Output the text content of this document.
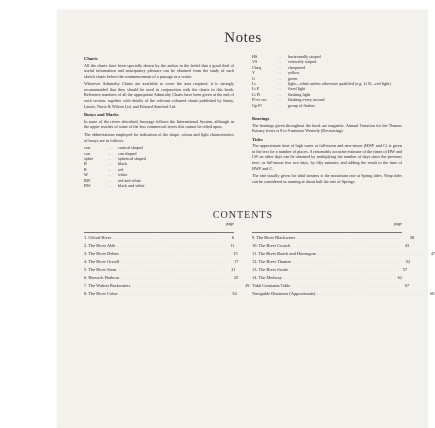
Notes
Charts
All the charts have been specially drawn by the author in the belief that a good deal of useful information and anticipatory pleasure can be obtained from the study of such sketch charts before the commencement of a passage or a cruise.
Wherever Admiralty Charts are available to cover the area required, it is strongly recommended that they should be used in conjunction with the charts in this book. Reference numbers of all the appropriate Admiralty Charts have been given at the end of each section, together with details of the relevant coloured charts published by Imray, Laurie, Norie & Wilson Ltd, and Edward Stanford Ltd.
Buoys and Marks
In none of the rivers described, buoyage follows the International System, although in the upper reaches of some of the less commercial rivers this cannot be relied upon.
The abbreviations employed for indication of the shape, colour and light characteristics of buoys are as follows:
con	. .	conical shaped
can	. .	can shaped
spher	. .	spherical shaped
B	. .	black
R	. .	red
W	. .	white
RW	. .	red and white
BW	. .	black and white
HS	. .	horizontally striped
VS	. .	vertically striped
Cheq	. .	chequered
Y	. .	yellow
G	. .	green
Lt	. .	light—white unless otherwise qualified (e.g. Lt R—red light)
Lt F	. .	fixed light
Lt Fl	. .	flashing light
Fl ev sec	. .	flashing every second
Gp Fl	. .	group of flashes
Bearings
The bearings given throughout the book are magnetic. Annual Variation for the Thames Estuary rivers is 8 to 9 minutes Westerly (Decreasing).
Tides
The approximate time of high water at full-moon and new-moon (HWF and C) is given in the text for a number of places. A reasonably accurate estimate of the times of HW and LW on other days can be obtained by multiplying the number of days since the previous new- or full-moon less two days, by fifty minutes, and adding the result to the time of HWF and C.
The rate usually given for tidal streams is the maximum rate at Spring tides. Neap tides can be considered as running at about half the rate of Springs.
CONTENTS
page
1. Orford River . . . . . . . . . . . . . . . . . . . . . . . . . .	6
2. The River Alde . . . . . . . . . . . . . . . . . . . . . . . . . .	11
3. The River Deben . . . . . . . . . . . . . . . . . . . . . . . . . .	15
4. The River Orwell . . . . . . . . . . . . . . . . . . . . . . . . . .	17
5. The River Stour . . . . . . . . . . . . . . . . . . . . . . . . . .	21
6. Harwich Harbour . . . . . . . . . . . . . . . . . . . . . . . . . .	25
7. The Walton Backwaters . . . . . . . . . . . . . . . . . . . . . . . . . .	29
8. The River Colne . . . . . . . . . . . . . . . . . . . . . . . . . .	34
page
9. The River Blackwater . . . . . . . . . . . . . . . . . . . . . . . . . .	38
10. The River Crouch . . . . . . . . . . . . . . . . . . . . . . . . . .	43
11. The River Roach and Havengore . . . . . . . . . . . . . . . . . . . . . . . . . .	47
12. The River Thames . . . . . . . . . . . . . . . . . . . . . . . . . .	52
13. The River Swale . . . . . . . . . . . . . . . . . . . . . . . . . .	57
14. The Medway . . . . . . . . . . . . . . . . . . . . . . . . . .	62
Tidal Constants Table . . . . . . . . . . . . . . . . . . . . . . . . . .	67
Navigable Distances (Approximate) . . . . . . . . . . . . . . . . . . . . . . . . . .	68
